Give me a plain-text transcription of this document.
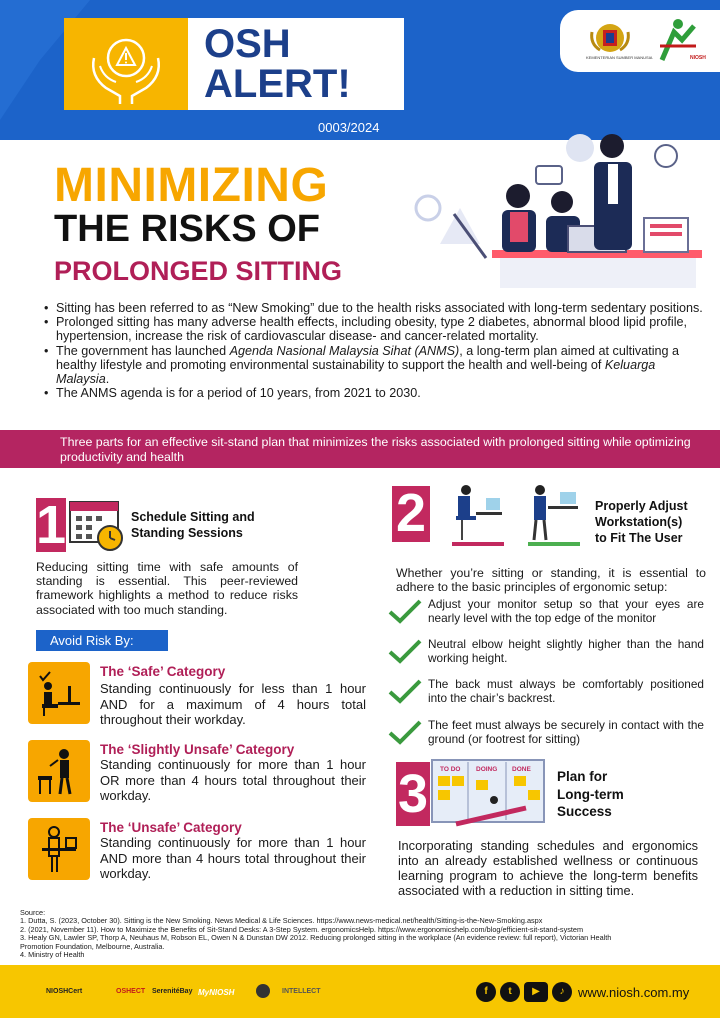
OSH
ALERT!
0003/2024
KEMENTERIAN SUMBER MANUSIA	NIOSH
MINIMIZING
THE RISKS OF
PROLONGED SITTING
• Sitting has been referred to as “New Smoking” due to the health risks associated with long-term sedentary positions.
• Prolonged sitting has many adverse health effects, including obesity, type 2 diabetes, abnormal blood lipid profile, hypertension, increase the risk of cardiovascular disease- and cancer-related mortality.
• The government has launched Agenda Nasional Malaysia Sihat (ANMS), a long-term plan aimed at cultivating a healthy lifestyle and promoting environmental sustainability to support the health and well-being of Keluarga Malaysia.
• The ANMS agenda is for a period of 10 years, from 2021 to 2030.
Three parts for an effective sit-stand plan that minimizes the risks associated with prolonged sitting while optimizing productivity and health
1	Schedule Sitting and
Standing Sessions
Reducing sitting time with safe amounts of standing is essential. This peer-reviewed framework highlights a method to reduce risks associated with too much standing.
Avoid Risk By:
The ‘Safe’ Category
Standing continuously for less than 1 hour AND for a maximum of 4 hours total throughout their workday.
The ‘Slightly Unsafe’ Category
Standing continuously for more than 1 hour OR more than 4 hours total throughout their workday.
The ‘Unsafe’ Category
Standing continuously for more than 1 hour AND more than 4 hours total throughout their workday.
2	Properly Adjust
Workstation(s)
to Fit The User
Whether you’re sitting or standing, it is essential to adhere to the basic principles of ergonomic setup:
Adjust your monitor setup so that your eyes are nearly level with the top edge of the monitor
Neutral elbow height slightly higher than the hand working height.
The back must always be comfortably positioned into the chair’s backrest.
The feet must always be securely in contact with the ground (or footrest for sitting)
3	TO DO DOING DONE Plan for
Long-term
Success
Incorporating standing schedules and ergonomics into an already established wellness or continuous learning program to achieve the long-term benefits associated with a reduction in sitting time.
Source:
1. Dutta, S. (2023, October 30). Sitting is the New Smoking. News Medical & Life Sciences. https://www.news-medical.net/health/Sitting-is-the-New-Smoking.aspx
2. (2021, November 11). How to Maximize the Benefits of Sit-Stand Desks: A 3-Step System. ergonomicsHelp. https://www.ergonomicshelp.com/blog/efficient-sit-stand-system
3. Healy GN, Lawler SP, Thorp A, Neuhaus M, Robson EL, Owen N & Dunstan DW 2012. Reducing prolonged sitting in the workplace (An evidence review: full report), Victorian Health
Promotion Foundation, Melbourne, Australia.
4. Ministry of Health
NIOSHCert	OSHECT SerenitéBay MyNIOSH	INTELLECT	f	t	▶	♪	www.niosh.com.my
